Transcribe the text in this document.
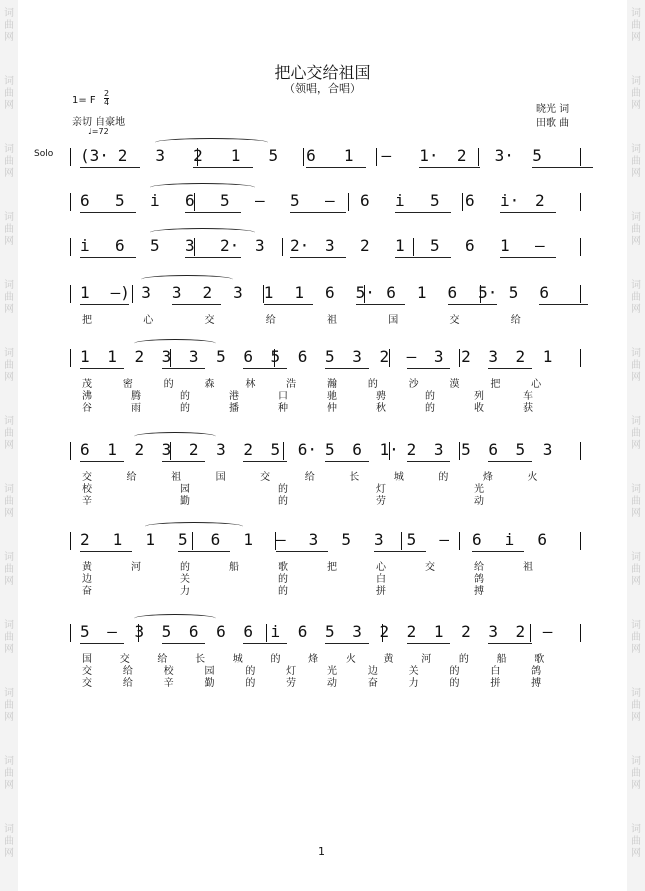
词
曲
网
词
曲
网
词
曲
网
词
曲
网
词
曲
网
词
曲
网
词
曲
网
词
曲
网
词
曲
网
词
曲
网
词
曲
网
词
曲
网
词
曲
网
词
曲
网
词
曲
网
词
曲
网
词
曲
网
词
曲
网
词
曲
网
词
曲
网
词
曲
网
词
曲
网
词
曲
网
词
曲
网
词
曲
网
词
曲
网
把心交给祖国
（领唱，合唱）
1= F
2
4
亲切 自豪地
♩=72
晓光 词
田歌 曲
Solo (3· 2 3 2 1 5 6 1 — 1· 2 3· 5
6 5 i 6 5 — 5 — 6 i 5 6 i· 2
i 6 5 3 2· 3 2· 3 2 1 5 6 1 —
1 —) 3 3 2 3 1 1 6 5· 6 1 6 5· 5 6
把	心	交	给	祖	国	交	给
1 1 2 3 3 5 6 5 6 5 3 2 — 3 2 3 2 1
茂	密	的	森	林	浩	瀚	的	沙	漠	把	心
沸	腾	的	港	口	驰	骋	的	列	车
谷	雨	的	播	种	仲	秋	的	收	获
6 1 2 3 2 3 2 5 6· 5 6 1· 2 3 5 6 5 3
交	给	祖	国	交	给	长	城	的	烽	火
校	园	的	灯	光
辛	勤	的	劳	动
2 1 1 5 6 1 — 3 5 3 5 — 6 i 6
黄	河	的	船	歌	把	心	交	给	祖
边	关	的	白	鸽
奋	力	的	拼	搏
5 — 3 5 6 6 6 i 6 5 3 2 2 1 2 3 2 —
国	交	给	长	城	的	烽	火	黄	河	的	船	歌
交	给	校	园	的	灯	光	边	关	的	白	鸽
交	给	辛	勤	的	劳	动	奋	力	的	拼	搏
1
